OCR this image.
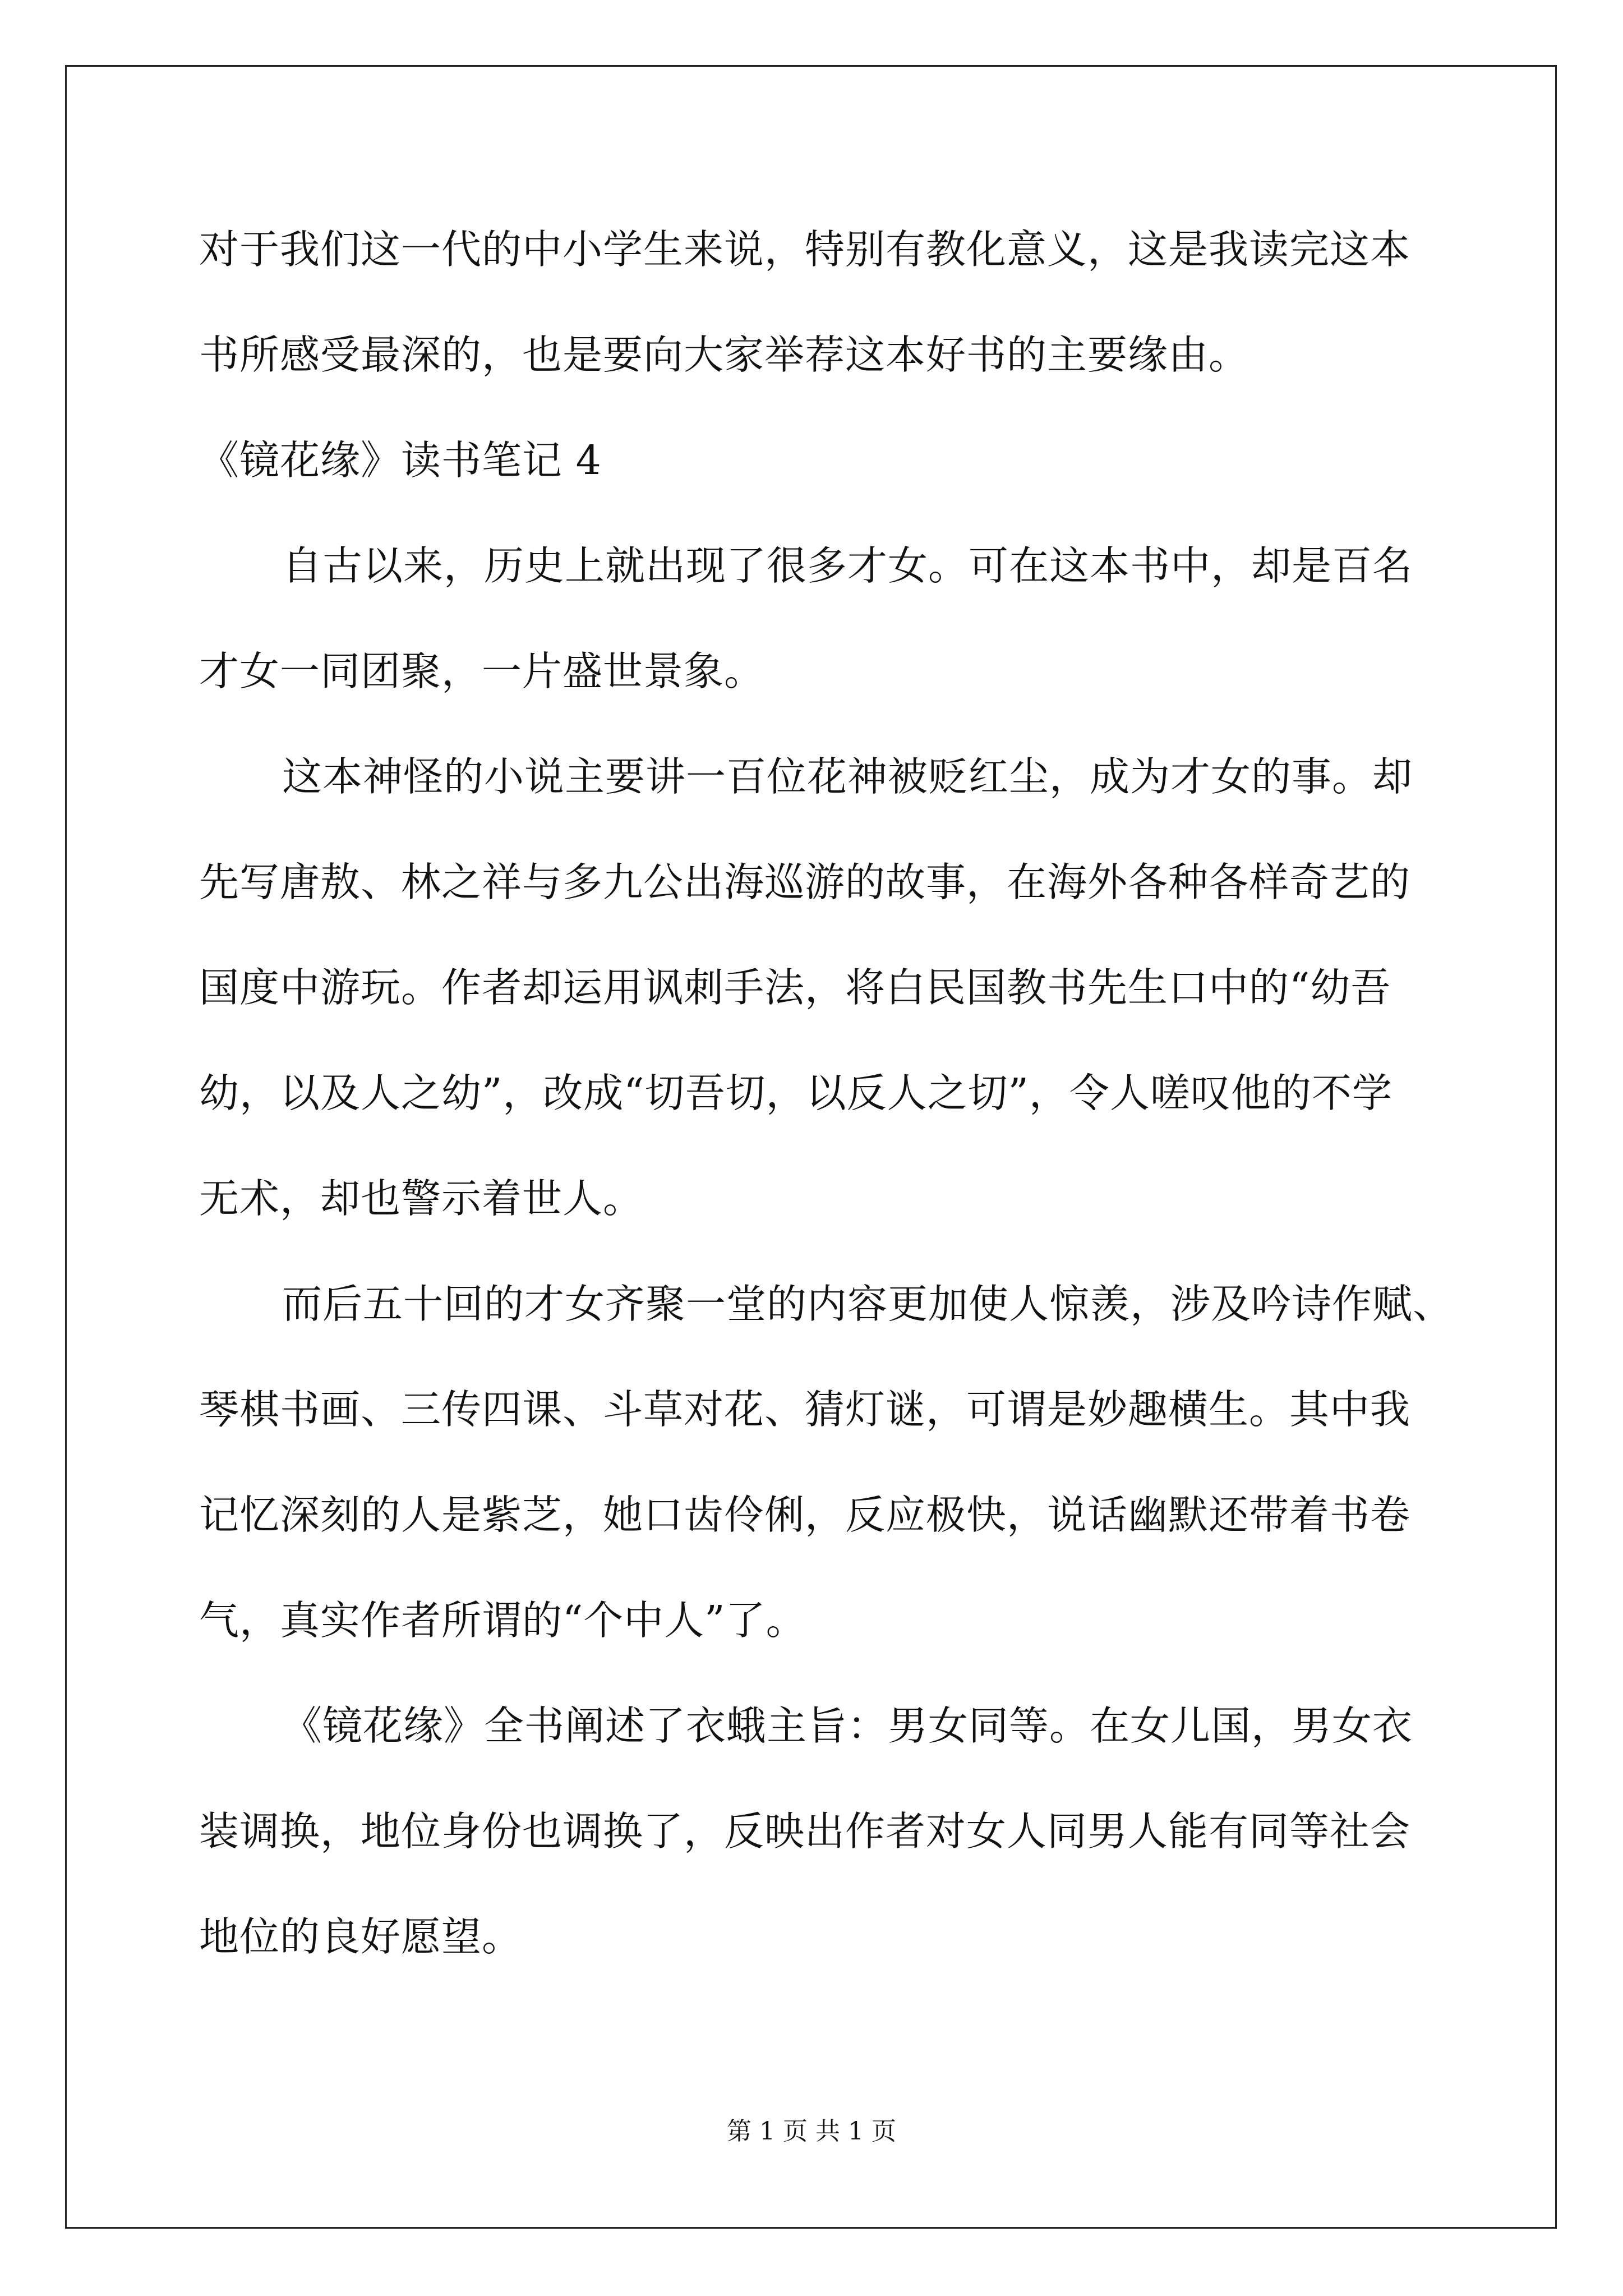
对于我们这一代的中小学生来说，特别有教化意义，这是我读完这本
书所感受最深的，也是要向大家举荐这本好书的主要缘由。
《镜花缘》读书笔记 4
自古以来，历史上就出现了很多才女。可在这本书中，却是百名
才女一同团聚，一片盛世景象。
这本神怪的小说主要讲一百位花神被贬红尘，成为才女的事。却
先写唐敖、林之祥与多九公出海巡游的故事，在海外各种各样奇艺的
国度中游玩。作者却运用讽刺手法，将白民国教书先生口中的“幼吾
幼，以及人之幼”，改成“切吾切，以反人之切”，令人嗟叹他的不学
无术，却也警示着世人。
而后五十回的才女齐聚一堂的内容更加使人惊羡，涉及吟诗作赋、
琴棋书画、三传四课、斗草对花、猜灯谜，可谓是妙趣横生。其中我
记忆深刻的人是紫芝，她口齿伶俐，反应极快，说话幽默还带着书卷
气，真实作者所谓的“个中人”了。
《镜花缘》全书阐述了衣蛾主旨：男女同等。在女儿国，男女衣
装调换，地位身份也调换了，反映出作者对女人同男人能有同等社会
地位的良好愿望。
第 1 页 共 1 页
